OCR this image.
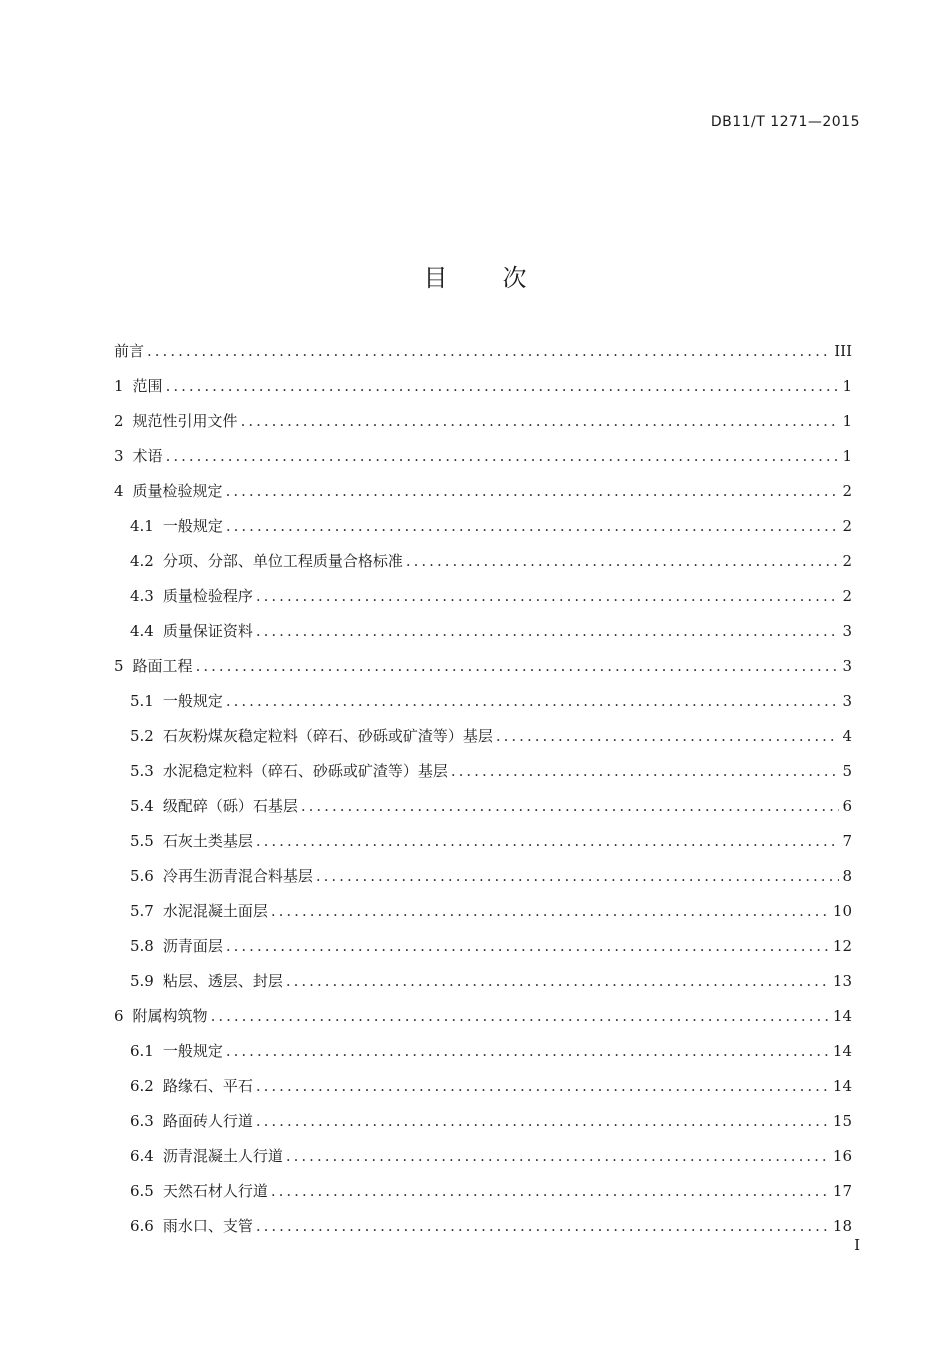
DB11/T 1271—2015
目 次
前言 .....	III
1 范围 .....	1
2 规范性引用文件 .....	1
3 术语 .....	1
4 质量检验规定 .....	2
4.1 一般规定 .....	2
4.2 分项、分部、单位工程质量合格标准 .....	2
4.3 质量检验程序 .....	2
4.4 质量保证资料 .....	3
5 路面工程 .....	3
5.1 一般规定 .....	3
5.2 石灰粉煤灰稳定粒料（碎石、砂砾或矿渣等）基层 .....	4
5.3 水泥稳定粒料（碎石、砂砾或矿渣等）基层 .....	5
5.4 级配碎（砾）石基层 .....	6
5.5 石灰土类基层 .....	7
5.6 冷再生沥青混合料基层 .....	8
5.7 水泥混凝土面层 .....	10
5.8 沥青面层 .....	12
5.9 粘层、透层、封层 .....	13
6 附属构筑物 .....	14
6.1 一般规定 .....	14
6.2 路缘石、平石 .....	14
6.3 路面砖人行道 .....	15
6.4 沥青混凝土人行道 .....	16
6.5 天然石材人行道 .....	17
6.6 雨水口、支管 .....	18
I
